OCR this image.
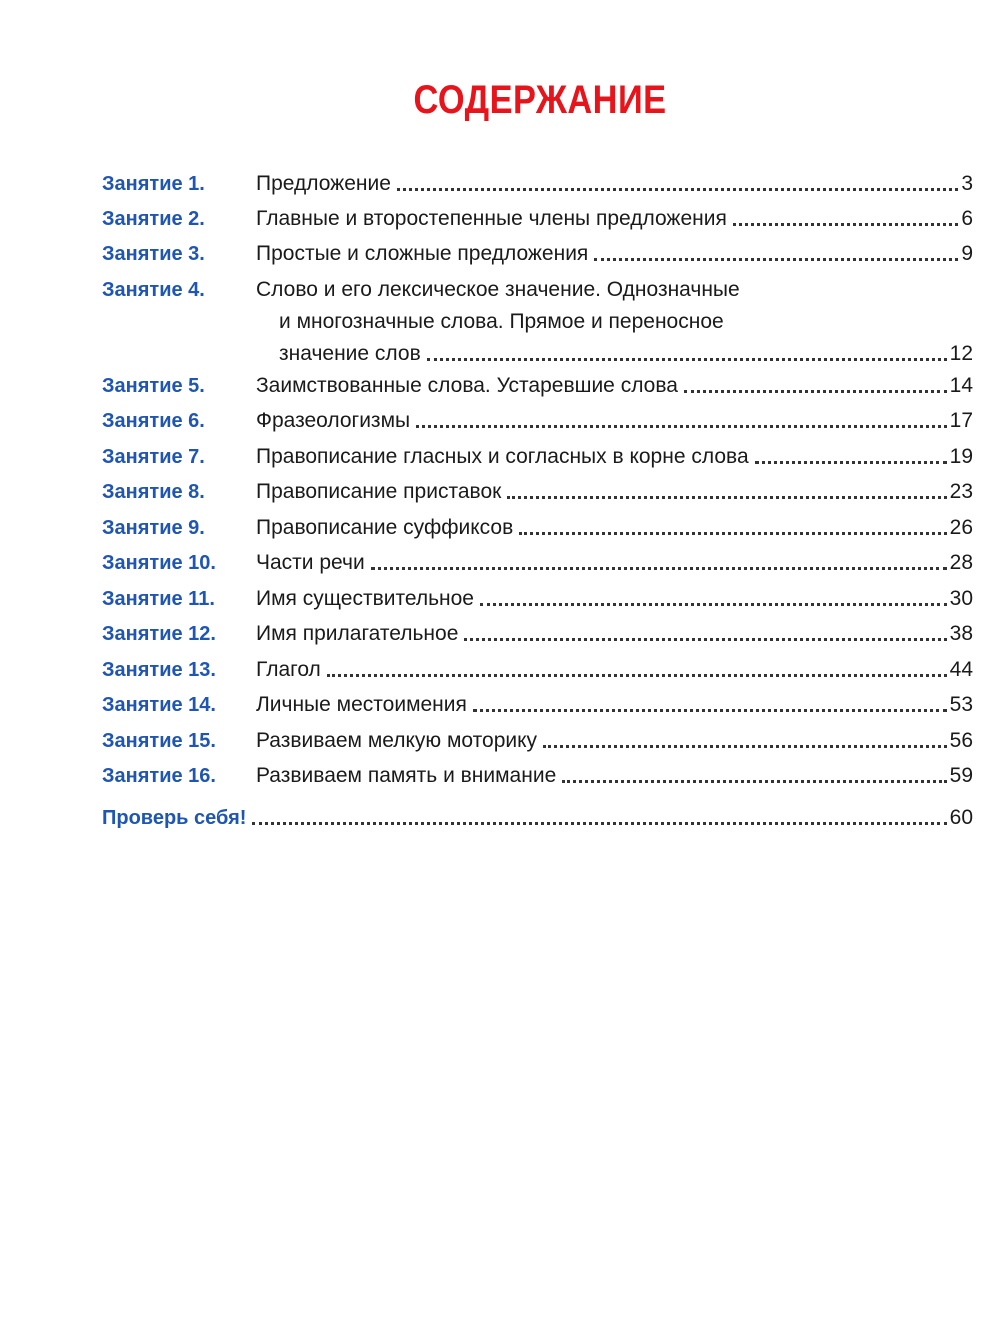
СОДЕРЖАНИЕ
Занятие 1. Предложение	3
Занятие 2. Главные и второстепенные члены предложения	6
Занятие 3. Простые и сложные предложения	9
Занятие 4. Слово и его лексическое значение. Однозначные
и многозначные слова. Прямое и переносное
значение слов	12
Занятие 5. Заимствованные слова. Устаревшие слова	14
Занятие 6. Фразеологизмы	17
Занятие 7. Правописание гласных и согласных в корне слова	19
Занятие 8. Правописание приставок	23
Занятие 9. Правописание суффиксов	26
Занятие 10. Части речи	28
Занятие 11. Имя существительное	30
Занятие 12. Имя прилагательное	38
Занятие 13. Глагол	44
Занятие 14. Личные местоимения	53
Занятие 15. Развиваем мелкую моторику	56
Занятие 16. Развиваем память и внимание	59
Проверь себя!	60
